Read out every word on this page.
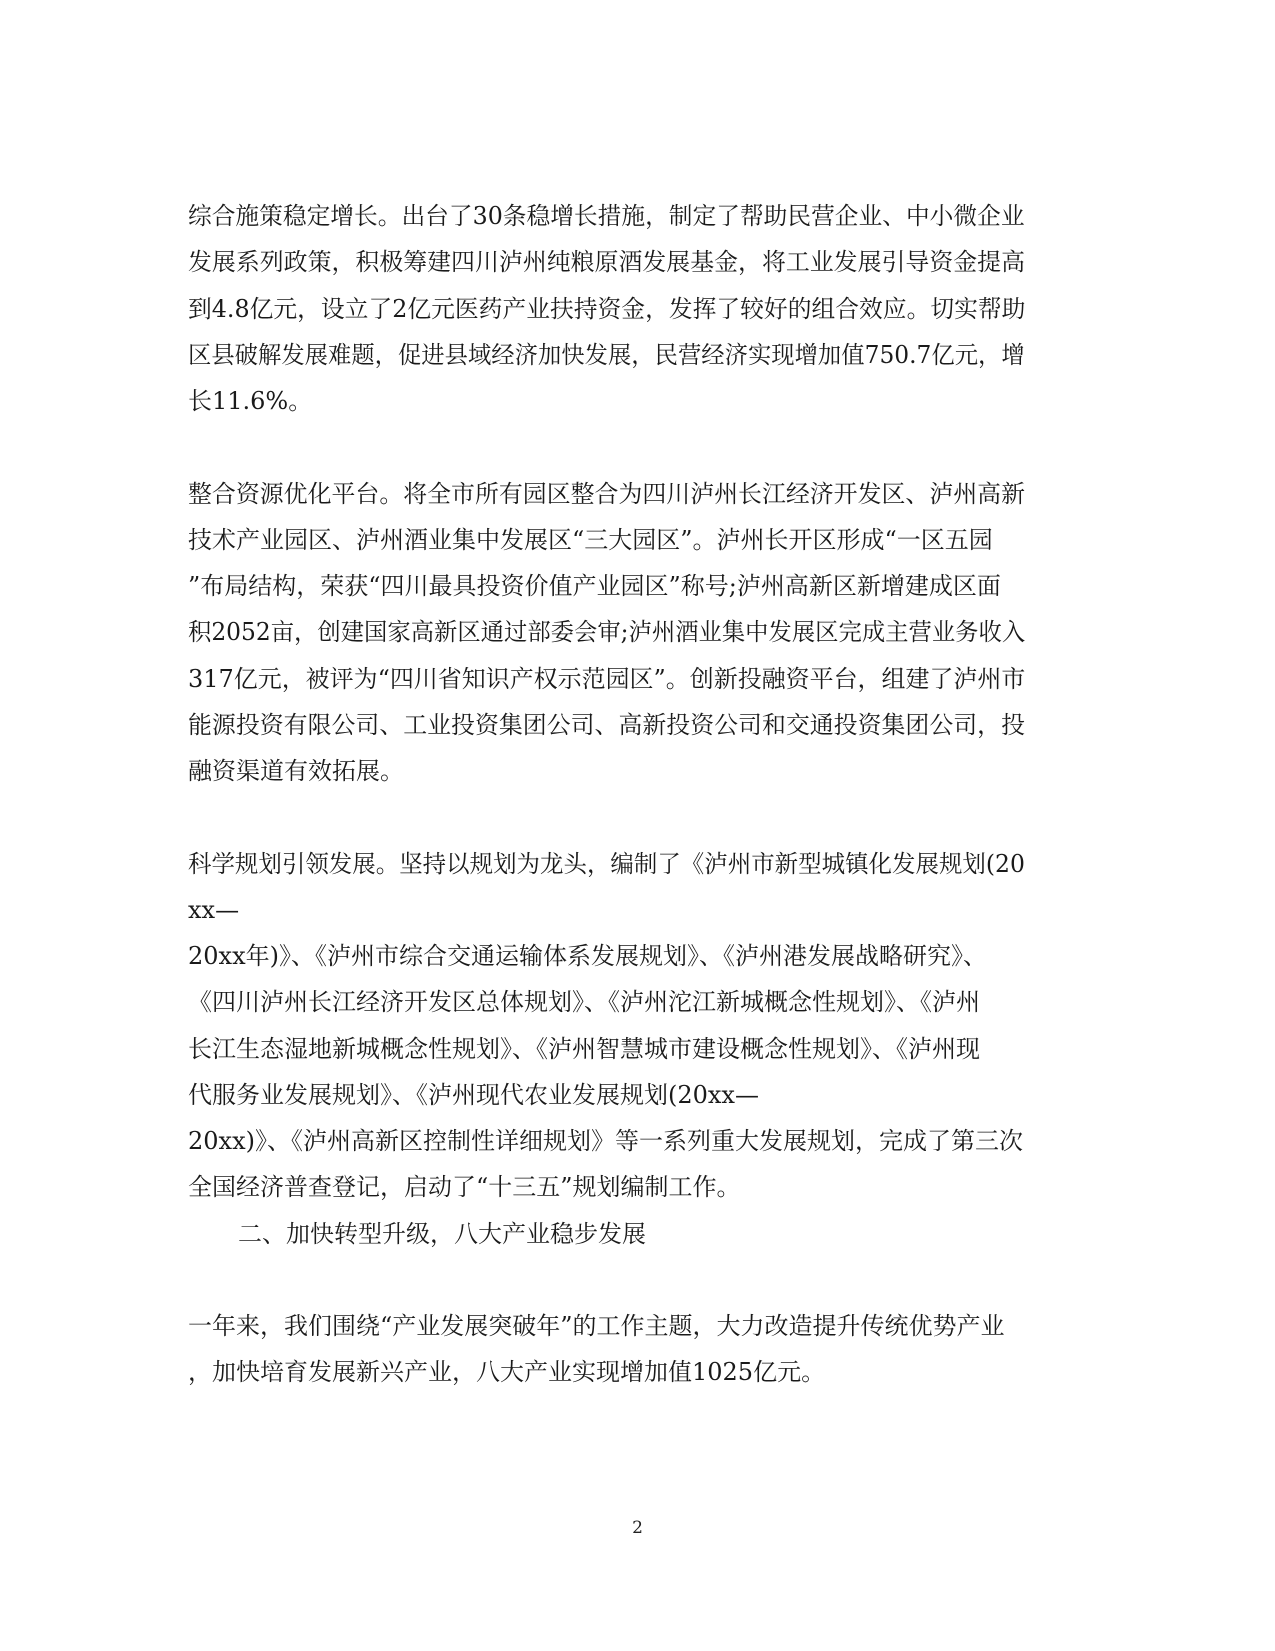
综合施策稳定增长。出台了30条稳增长措施，制定了帮助民营企业、中小微企业
发展系列政策，积极筹建四川泸州纯粮原酒发展基金，将工业发展引导资金提高
到4.8亿元，设立了2亿元医药产业扶持资金，发挥了较好的组合效应。切实帮助
区县破解发展难题，促进县域经济加快发展，民营经济实现增加值750.7亿元，增
长11.6%。
整合资源优化平台。将全市所有园区整合为四川泸州长江经济开发区、泸州高新
技术产业园区、泸州酒业集中发展区“三大园区”。泸州长开区形成“一区五园
”布局结构，荣获“四川最具投资价值产业园区”称号;泸州高新区新增建成区面
积2052亩，创建国家高新区通过部委会审;泸州酒业集中发展区完成主营业务收入
317亿元，被评为“四川省知识产权示范园区”。创新投融资平台，组建了泸州市
能源投资有限公司、工业投资集团公司、高新投资公司和交通投资集团公司，投
融资渠道有效拓展。
科学规划引领发展。坚持以规划为龙头，编制了《泸州市新型城镇化发展规划(20
xx—
20xx年)》、《泸州市综合交通运输体系发展规划》、《泸州港发展战略研究》、
《四川泸州长江经济开发区总体规划》、《泸州沱江新城概念性规划》、《泸州
长江生态湿地新城概念性规划》、《泸州智慧城市建设概念性规划》、《泸州现
代服务业发展规划》、《泸州现代农业发展规划(20xx—
20xx)》、《泸州高新区控制性详细规划》等一系列重大发展规划，完成了第三次
全国经济普查登记，启动了“十三五”规划编制工作。
二、加快转型升级，八大产业稳步发展
一年来，我们围绕“产业发展突破年”的工作主题，大力改造提升传统优势产业
，加快培育发展新兴产业，八大产业实现增加值1025亿元。
2
